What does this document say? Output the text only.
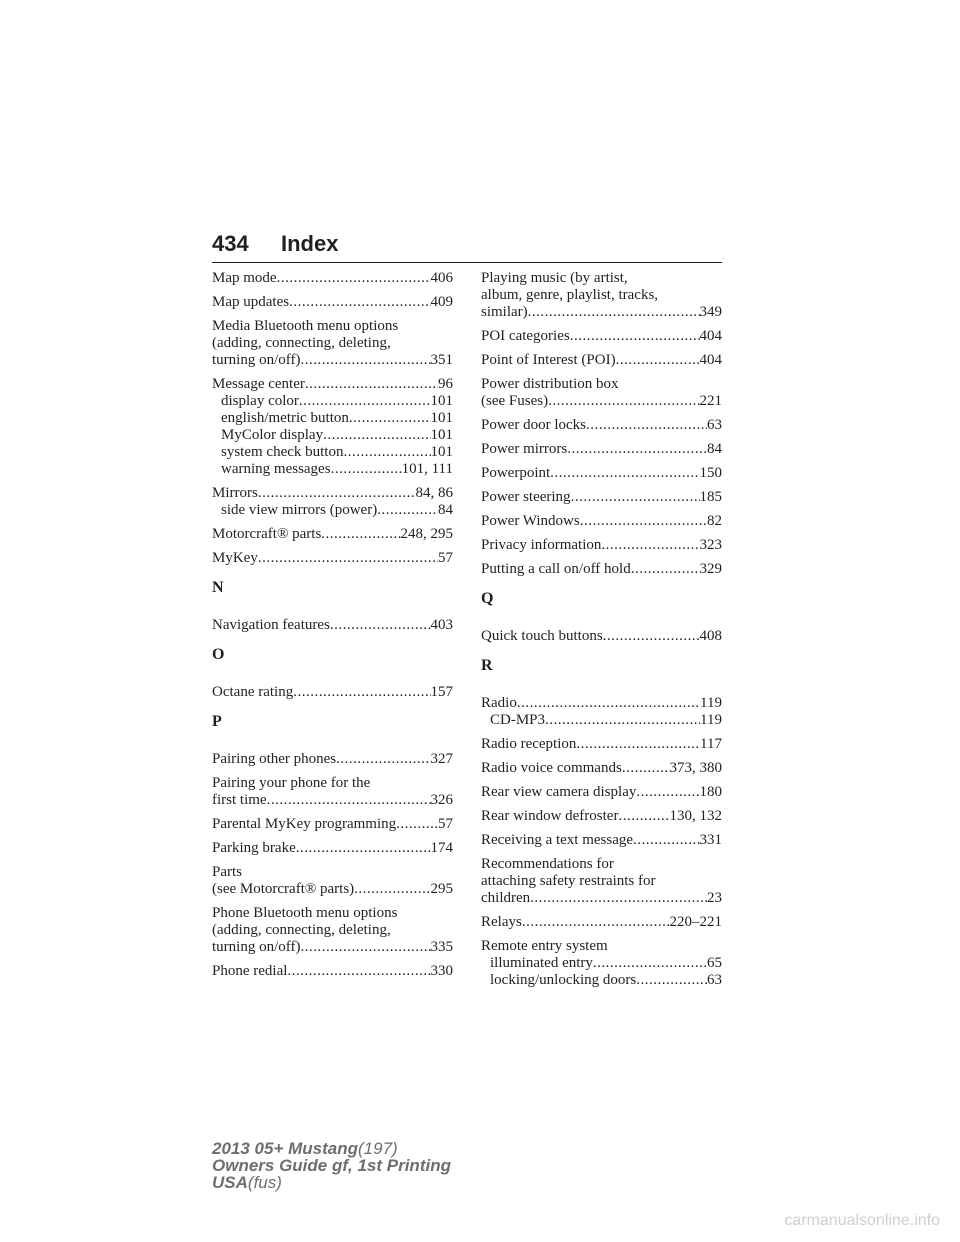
434 Index
Map mode .....	406
Map updates .....	409
Media Bluetooth menu options
(adding, connecting, deleting,
turning on/off) .....	351
Message center .....	96
display color .....	101
english/metric button .....	101
MyColor display .....	101
system check button .....	101
warning messages .....	101, 111
Mirrors .....	84, 86
side view mirrors (power) .....	84
Motorcraft® parts .....	248, 295
MyKey .....	57
N
Navigation features .....	403
O
Octane rating .....	157
P
Pairing other phones .....	327
Pairing your phone for the
first time .....	326
Parental MyKey programming .....	57
Parking brake .....	174
Parts
(see Motorcraft® parts) .....	295
Phone Bluetooth menu options
(adding, connecting, deleting,
turning on/off) .....	335
Phone redial .....	330
Playing music (by artist,
album, genre, playlist, tracks,
similar) .....	349
POI categories .....	404
Point of Interest (POI) .....	404
Power distribution box
(see Fuses) .....	221
Power door locks .....	63
Power mirrors .....	84
Powerpoint .....	150
Power steering .....	185
Power Windows .....	82
Privacy information .....	323
Putting a call on/off hold .....	329
Q
Quick touch buttons .....	408
R
Radio .....	119
CD-MP3 .....	119
Radio reception .....	117
Radio voice commands .....	373, 380
Rear view camera display .....	180
Rear window defroster .....	130, 132
Receiving a text message .....	331
Recommendations for
attaching safety restraints for
children .....	23
Relays .....	220–221
Remote entry system
illuminated entry .....	65
locking/unlocking doors .....	63
2013 05+ Mustang(197)
Owners Guide gf, 1st Printing
USA(fus)
carmanualsonline.info
